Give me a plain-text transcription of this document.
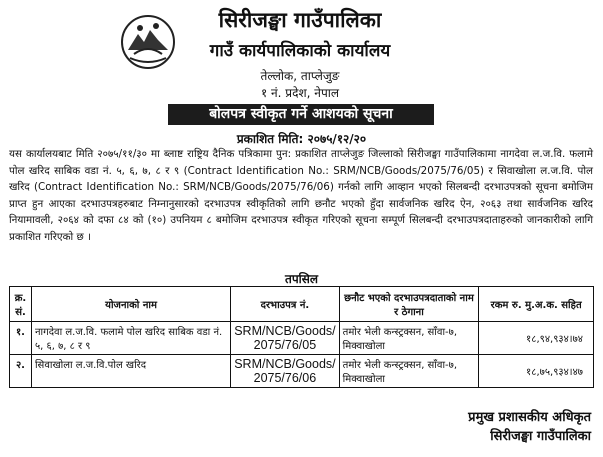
सिरीजङ्घा गाउँपालिका
गाउँ कार्यपालिकाको कार्यालय
तेल्लोक, ताप्लेजुङ
१ नं. प्रदेश, नेपाल
बोलपत्र स्वीकृत गर्ने आशयको सूचना
प्रकाशित मिति: २०७५/१२/२०
यस कार्यालयबाट मिति २०७५/११/३० मा ब्लाष्ट राष्ट्रिय दैनिक पत्रिकामा पुन: प्रकाशित ताप्लेजुङ जिल्लाको सिरीजङ्घा गाउँपालिकामा नागदेवा ल.ज.वि. फलामे पोल खरिद साबिक वडा नं. ५, ६, ७, ८ र ९ (Contract Identification No.: SRM/NCB/Goods/2075/76/05) र सिवाखोला ल.ज.वि. पोल खरिद (Contract Identification No.: SRM/NCB/Goods/2075/76/06) गर्नको लागि आव्हान भएको सिलबन्दी दरभाउपत्रको सूचना बमोजिम प्राप्त हुन आएका दरभाउपत्रहरुबाट निम्नानुसारको दरभाउपत्र स्वीकृतिको लागि छनौट भएको हुँदा सार्वजनिक खरिद ऐन, २०६३ तथा सार्वजनिक खरिद नियामावली, २०६४ को दफा ८४ को (१०) उपनियम ८ बमोजिम दरभाउपत्र स्वीकृत गरिएको सूचना सम्पूर्ण सिलबन्दी दरभाउपत्रदाताहरुको जानकारीको लागि प्रकाशित गरिएको छ ।
तपसिल
क्र. सं.	योजनाको नाम	दरभाउपत्र नं.	छनौट भएको दरभाउपत्रदाताको नाम र ठेगाना	रकम रु. मु.अ.क. सहित
१.	नागदेवा ल.ज.वि. फलामे पोल खरिद साबिक वडा नं. ५, ६, ७, ८ र ९	SRM/NCB/Goods/ 2075/76/05	तमोर भेली कन्स्ट्रक्सन, साँवा-७, मिक्वाखोला	१८,९४,९३४।७४
२.	सिवाखोला ल.ज.वि.पोल खरिद	SRM/NCB/Goods/ 2075/76/06	तमोर भेली कन्स्ट्रक्सन, साँवा-७, मिक्वाखोला	१८,७५,९३४।४७
प्रमुख प्रशासकीय अधिकृत
सिरीजङ्घा गाउँपालिका
